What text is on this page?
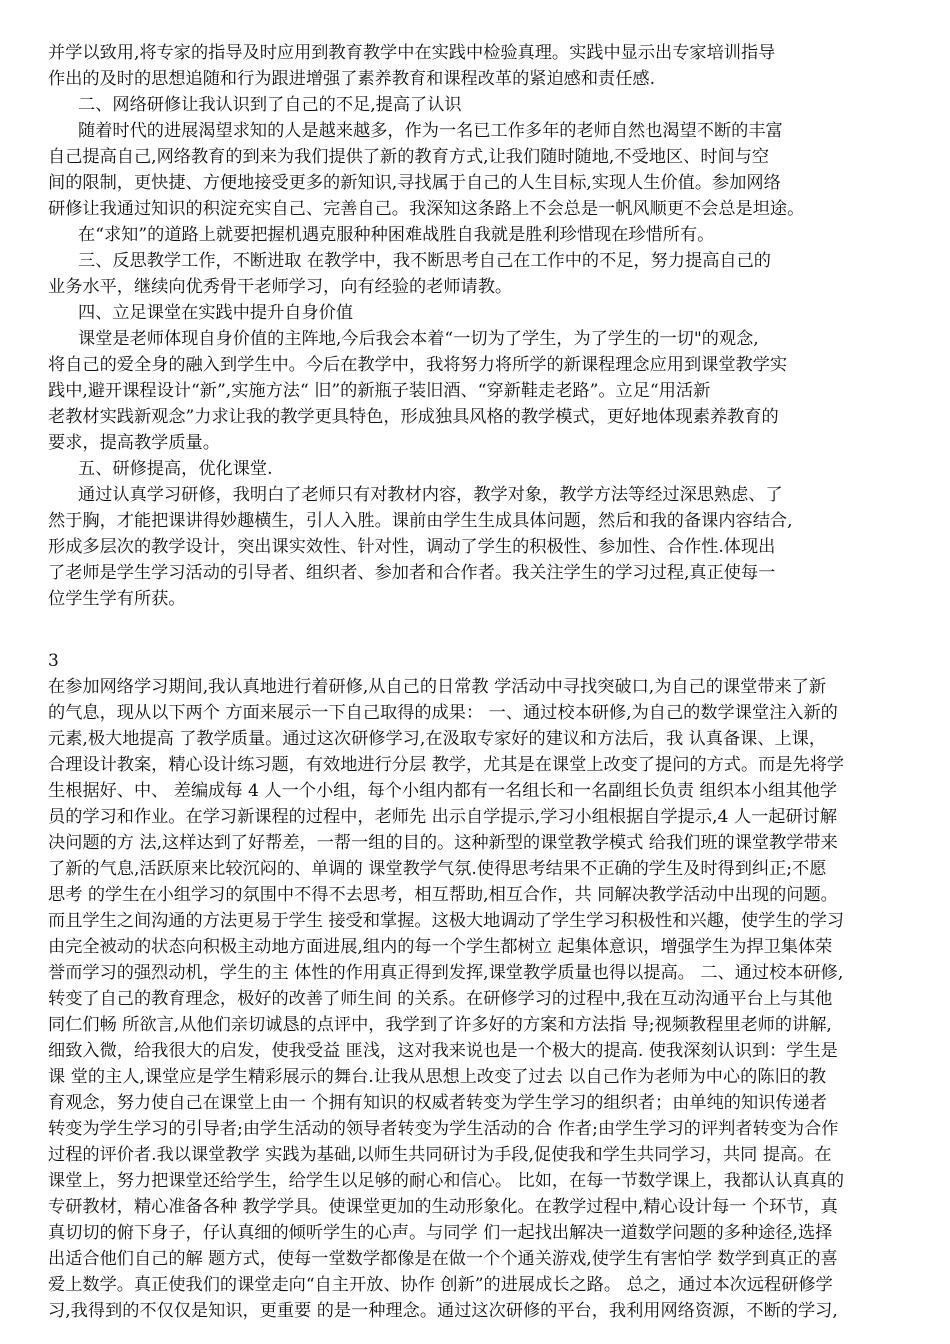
并学以致用,将专家的指导及时应用到教育教学中在实践中检验真理。实践中显示出专家培训指导
作出的及时的思想追随和行为跟进增强了素养教育和课程改革的紧迫感和责任感.
二、网络研修让我认识到了自己的不足,提高了认识
随着时代的进展渴望求知的人是越来越多，作为一名已工作多年的老师自然也渴望不断的丰富
自己提高自己,网络教育的到来为我们提供了新的教育方式,让我们随时随地,不受地区、时间与空
间的限制，更快捷、方便地接受更多的新知识,寻找属于自己的人生目标,实现人生价值。参加网络
研修让我通过知识的积淀充实自己、完善自己。我深知这条路上不会总是一帆风顺更不会总是坦途。
在“求知”的道路上就要把握机遇克服种种困难战胜自我就是胜利珍惜现在珍惜所有。
三、反思教学工作，不断进取 在教学中，我不断思考自己在工作中的不足，努力提高自己的
业务水平，继续向优秀骨干老师学习，向有经验的老师请教。
四、立足课堂在实践中提升自身价值
课堂是老师体现自身价值的主阵地,今后我会本着“一切为了学生，为了学生的一切"的观念,
将自己的爱全身的融入到学生中。今后在教学中，我将努力将所学的新课程理念应用到课堂教学实
践中,避开课程设计“新”,实施方法“ 旧”的新瓶子装旧酒、“穿新鞋走老路”。立足“用活新
老教材实践新观念”力求让我的教学更具特色，形成独具风格的教学模式，更好地体现素养教育的
要求，提高教学质量。
五、研修提高，优化课堂.
通过认真学习研修，我明白了老师只有对教材内容，教学对象，教学方法等经过深思熟虑、了
然于胸，才能把课讲得妙趣横生，引人入胜。课前由学生生成具体问题，然后和我的备课内容结合,
形成多层次的教学设计，突出课实效性、针对性，调动了学生的积极性、参加性、合作性.体现出
了老师是学生学习活动的引导者、组织者、参加者和合作者。我关注学生的学习过程,真正使每一
位学生学有所获。
3
在参加网络学习期间,我认真地进行着研修,从自己的日常教 学活动中寻找突破口,为自己的课堂带来了新
的气息，现从以下两个 方面来展示一下自己取得的成果： 一、通过校本研修,为自己的数学课堂注入新的
元素,极大地提高 了教学质量。通过这次研修学习,在汲取专家好的建议和方法后，我 认真备课、上课，
合理设计教案，精心设计练习题，有效地进行分层 教学，尤其是在课堂上改变了提问的方式。而是先将学
生根据好、中、 差编成每 4 人一个小组，每个小组内都有一名组长和一名副组长负责 组织本小组其他学
员的学习和作业。在学习新课程的过程中，老师先 出示自学提示,学习小组根据自学提示,4 人一起研讨解
决问题的方 法,这样达到了好帮差，一帮一组的目的。这种新型的课堂教学模式 给我们班的课堂教学带来
了新的气息,活跃原来比较沉闷的、单调的 课堂教学气氛.使得思考结果不正确的学生及时得到纠正;不愿
思考 的学生在小组学习的氛围中不得不去思考，相互帮助,相互合作，共 同解决教学活动中出现的问题。
而且学生之间沟通的方法更易于学生 接受和掌握。这极大地调动了学生学习积极性和兴趣，使学生的学习
由完全被动的状态向积极主动地方面进展,组内的每一个学生都树立 起集体意识，增强学生为捍卫集体荣
誉而学习的强烈动机，学生的主 体性的作用真正得到发挥,课堂教学质量也得以提高。 二、通过校本研修,
转变了自己的教育理念，极好的改善了师生间 的关系。在研修学习的过程中,我在互动沟通平台上与其他
同仁们畅 所欲言,从他们亲切诚恳的点评中，我学到了许多好的方案和方法指 导;视频教程里老师的讲解,
细致入微，给我很大的启发，使我受益 匪浅，这对我来说也是一个极大的提高. 使我深刻认识到：学生是
课 堂的主人,课堂应是学生精彩展示的舞台.让我从思想上改变了过去 以自己作为老师为中心的陈旧的教
育观念，努力使自己在课堂上由一 个拥有知识的权威者转变为学生学习的组织者；由单纯的知识传递者
转变为学生学习的引导者;由学生活动的领导者转变为学生活动的合 作者;由学生学习的评判者转变为合作
过程的评价者.我以课堂教学 实践为基础,以师生共同研讨为手段,促使我和学生共同学习，共同 提高。在
课堂上，努力把课堂还给学生，给学生以足够的耐心和信心。 比如，在每一节数学课上，我都认认真真的
专研教材，精心准备各种 教学学具。使课堂更加的生动形象化。在教学过程中,精心设计每一 个环节，真
真切切的俯下身子，仔认真细的倾听学生的心声。与同学 们一起找出解决一道数学问题的多种途径,选择
出适合他们自己的解 题方式，使每一堂数学都像是在做一个个通关游戏,使学生有害怕学 数学到真正的喜
爱上数学。真正使我们的课堂走向“自主开放、协作 创新”的进展成长之路。 总之，通过本次远程研修学
习,我得到的不仅仅是知识，更重要 的是一种理念。通过这次研修的平台，我利用网络资源，不断的学习,
